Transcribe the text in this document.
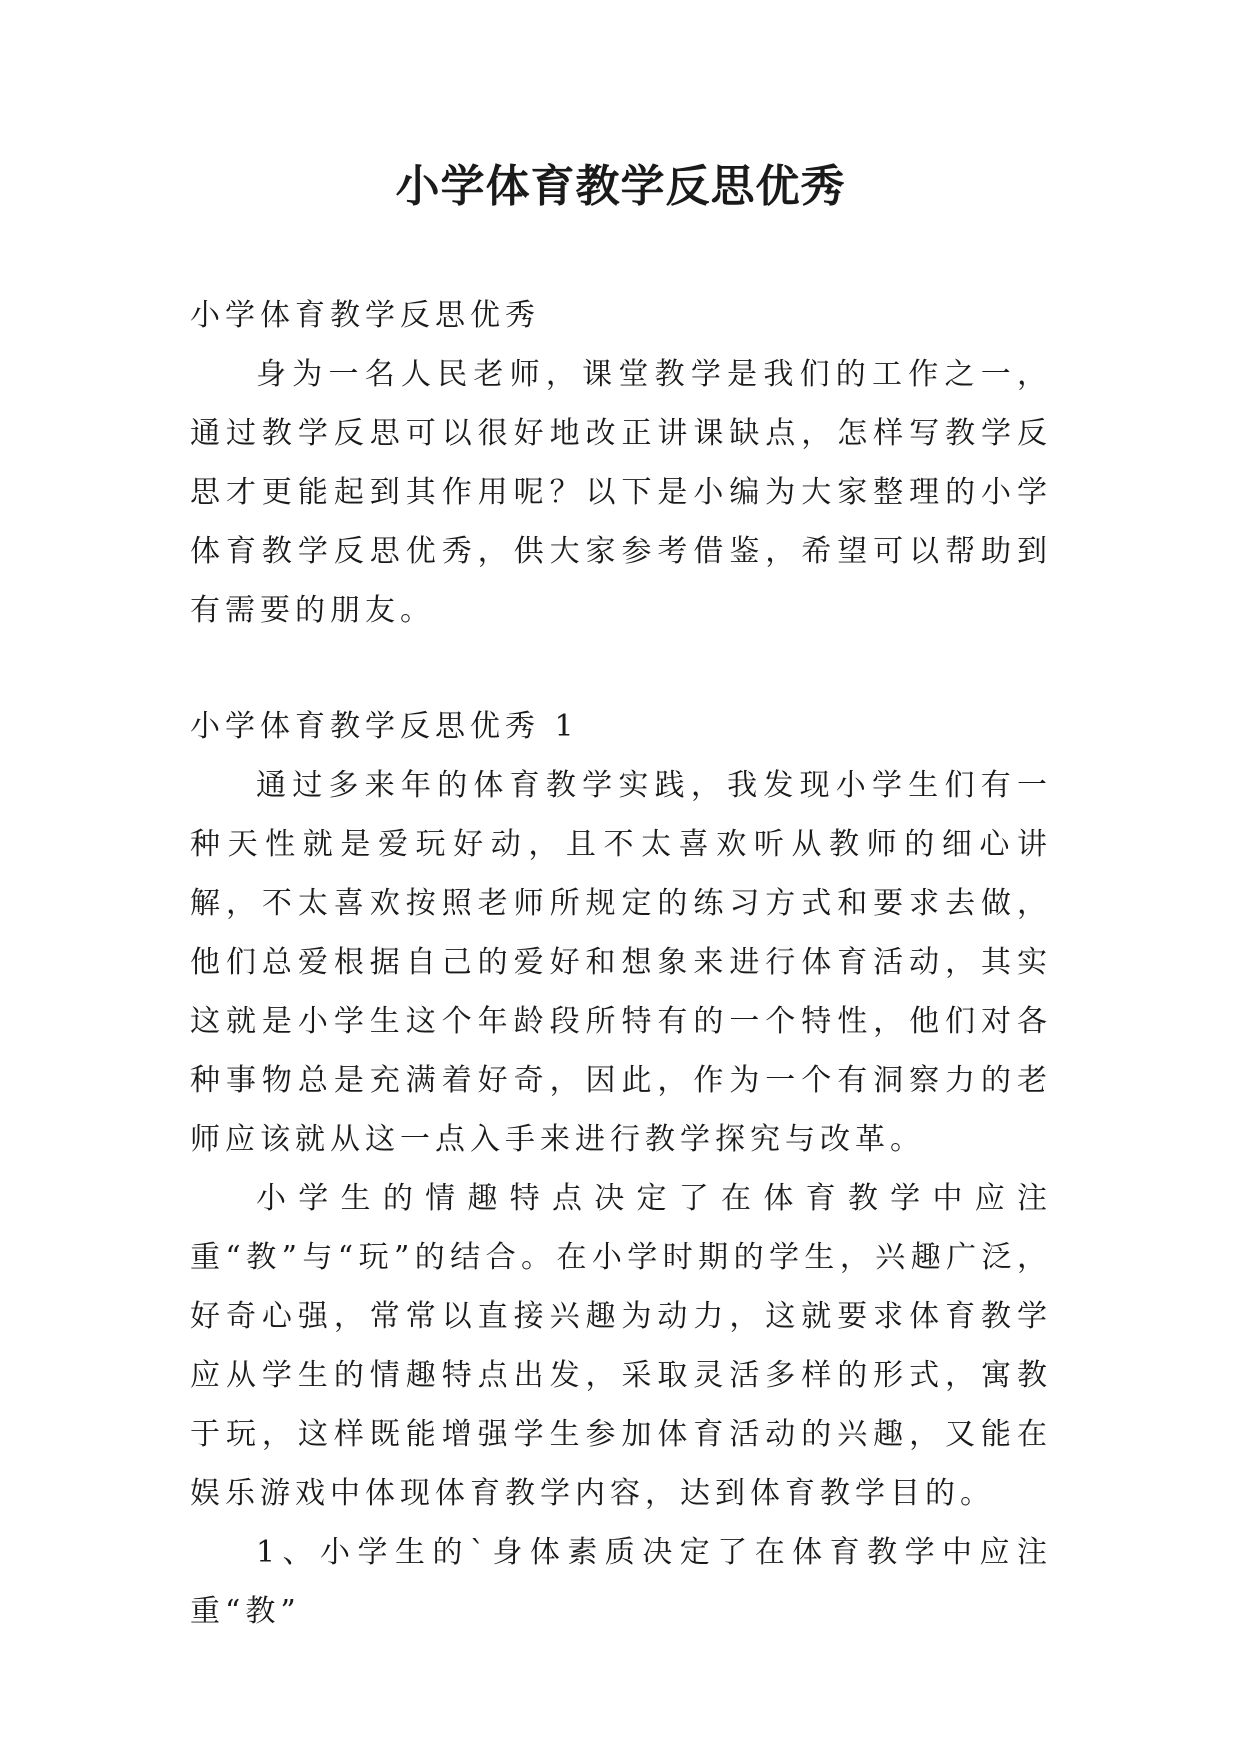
小学体育教学反思优秀

小学体育教学反思优秀

身为一名人民老师，课堂教学是我们的工作之一，通过教学反思可以很好地改正讲课缺点，怎样写教学反思才更能起到其作用呢？以下是小编为大家整理的小学体育教学反思优秀，供大家参考借鉴，希望可以帮助到有需要的朋友。

小学体育教学反思优秀 1

通过多来年的体育教学实践，我发现小学生们有一种天性就是爱玩好动，且不太喜欢听从教师的细心讲解，不太喜欢按照老师所规定的练习方式和要求去做，他们总爱根据自己的爱好和想象来进行体育活动，其实这就是小学生这个年龄段所特有的一个特性，他们对各种事物总是充满着好奇，因此，作为一个有洞察力的老师应该就从这一点入手来进行教学探究与改革。

小学生的情趣特点决定了在体育教学中应注重“教”与“玩”的结合。在小学时期的学生，兴趣广泛，好奇心强，常常以直接兴趣为动力，这就要求体育教学应从学生的情趣特点出发，采取灵活多样的形式，寓教于玩，这样既能增强学生参加体育活动的兴趣，又能在娱乐游戏中体现体育教学内容，达到体育教学目的。

1、小学生的`身体素质决定了在体育教学中应注重“教”
